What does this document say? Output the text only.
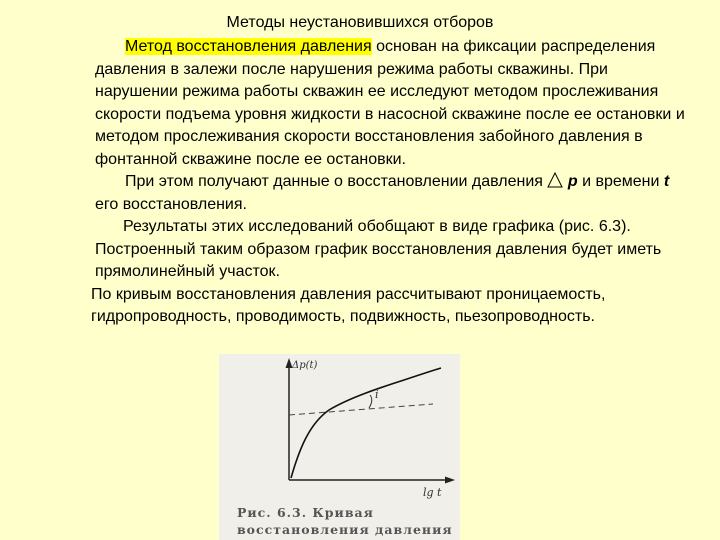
Методы неустановившихся отборов

Метод восстановления давления основан на фиксации распределения давления в залежи после нарушения режима работы скважины. При нарушении режима работы скважин ее исследуют методом прослеживания скорости подъема уровня жидкости в насосной скважине после ее остановки и методом прослеживания скорости восстановления забойного давления в фонтанной скважине после ее остановки.

При этом получают данные о восстановлении давления  p и времени t его восстановления.

Результаты этих исследований обобщают в виде графика (рис. 6.3). Построенный таким образом график восстановления давления будет иметь прямолинейный участок.

По кривым восстановления давления рассчитывают проницаемость, гидропроводность, проводимость, подвижность, пьезопроводность.

i
Δp(t)
lg t
Рис. 6.3. Кривая восстановления давления
